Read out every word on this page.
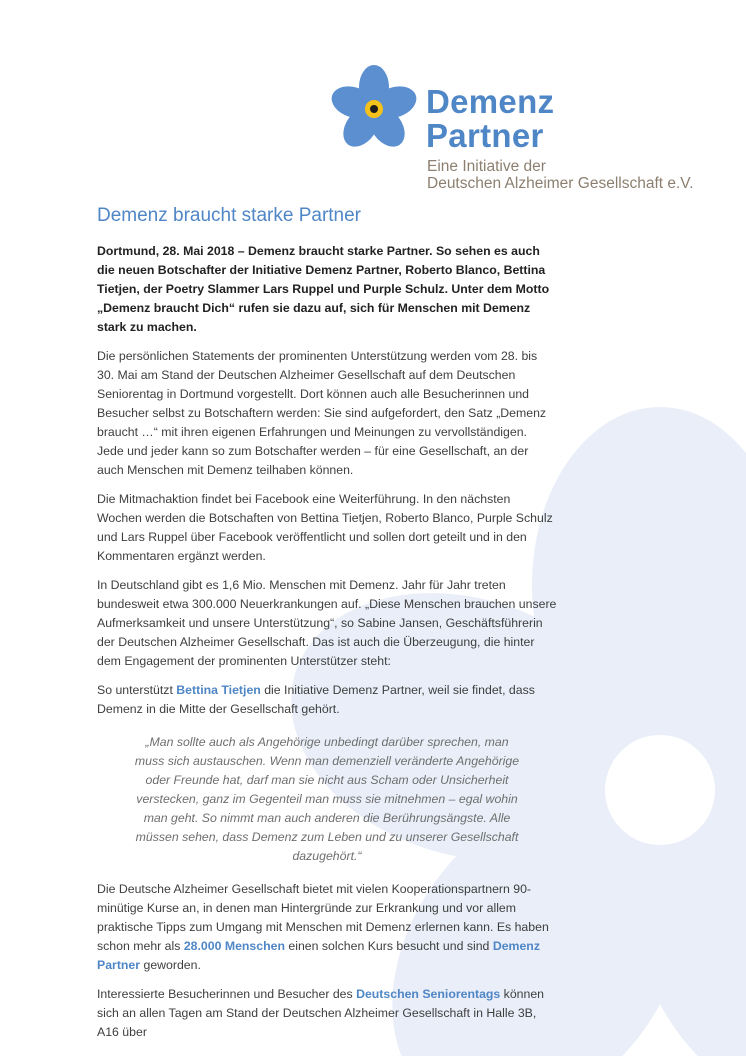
Demenz
Partner
Eine Initiative der
Deutschen Alzheimer Gesellschaft e.V.
Demenz braucht starke Partner

Dortmund, 28. Mai 2018 – Demenz braucht starke Partner. So sehen es auch die neuen Botschafter der Initiative Demenz Partner, Roberto Blanco, Bettina Tietjen, der Poetry Slammer Lars Ruppel und Purple Schulz. Unter dem Motto „Demenz braucht Dich“ rufen sie dazu auf, sich für Menschen mit Demenz stark zu machen.

Die persönlichen Statements der prominenten Unterstützung werden vom 28. bis 30. Mai am Stand der Deutschen Alzheimer Gesellschaft auf dem Deutschen Seniorentag in Dortmund vorgestellt. Dort können auch alle Besucherinnen und Besucher selbst zu Botschaftern werden: Sie sind aufgefordert, den Satz „Demenz braucht …“ mit ihren eigenen Erfahrungen und Meinungen zu vervollständigen. Jede und jeder kann so zum Botschafter werden – für eine Gesellschaft, an der auch Menschen mit Demenz teilhaben können.

Die Mitmachaktion findet bei Facebook eine Weiterführung. In den nächsten Wochen werden die Botschaften von Bettina Tietjen, Roberto Blanco, Purple Schulz und Lars Ruppel über Facebook veröffentlicht und sollen dort geteilt und in den Kommentaren ergänzt werden.

In Deutschland gibt es 1,6 Mio. Menschen mit Demenz. Jahr für Jahr treten bundesweit etwa 300.000 Neuerkrankungen auf. „Diese Menschen brauchen unsere Aufmerksamkeit und unsere Unterstützung“, so Sabine Jansen, Geschäftsführerin der Deutschen Alzheimer Gesellschaft. Das ist auch die Überzeugung, die hinter dem Engagement der prominenten Unterstützer steht:

So unterstützt Bettina Tietjen die Initiative Demenz Partner, weil sie findet, dass Demenz in die Mitte der Gesellschaft gehört.

„Man sollte auch als Angehörige unbedingt darüber sprechen, man muss sich austauschen. Wenn man demenziell veränderte Angehörige oder Freunde hat, darf man sie nicht aus Scham oder Unsicherheit verstecken, ganz im Gegenteil man muss sie mitnehmen – egal wohin man geht. So nimmt man auch anderen die Berührungsängste. Alle müssen sehen, dass Demenz zum Leben und zu unserer Gesellschaft dazugehört.“

Die Deutsche Alzheimer Gesellschaft bietet mit vielen Kooperationspartnern 90-minütige Kurse an, in denen man Hintergründe zur Erkrankung und vor allem praktische Tipps zum Umgang mit Menschen mit Demenz erlernen kann. Es haben schon mehr als 28.000 Menschen einen solchen Kurs besucht und sind Demenz Partner geworden.

Interessierte Besucherinnen und Besucher des Deutschen Seniorentags können sich an allen Tagen am Stand der Deutschen Alzheimer Gesellschaft in Halle 3B, A16 über
